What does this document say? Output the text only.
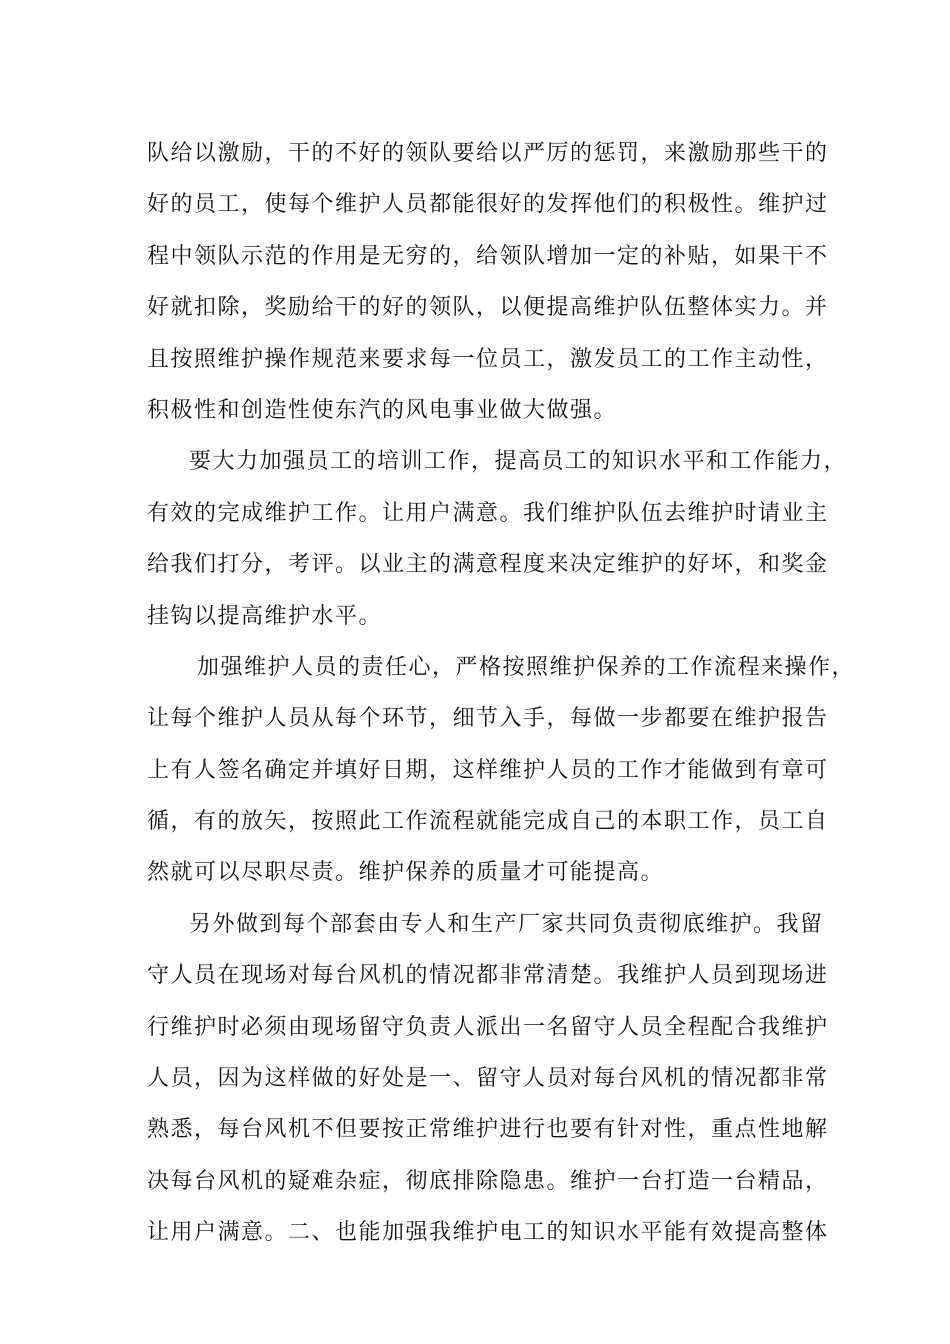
队给以激励，干的不好的领队要给以严厉的惩罚，来激励那些干的
好的员工，使每个维护人员都能很好的发挥他们的积极性。维护过
程中领队示范的作用是无穷的，给领队增加一定的补贴，如果干不
好就扣除，奖励给干的好的领队，以便提高维护队伍整体实力。并
且按照维护操作规范来要求每一位员工，激发员工的工作主动性，
积极性和创造性使东汽的风电事业做大做强。
要大力加强员工的培训工作，提高员工的知识水平和工作能力，
有效的完成维护工作。让用户满意。我们维护队伍去维护时请业主
给我们打分，考评。以业主的满意程度来决定维护的好坏，和奖金
挂钩以提高维护水平。
加强维护人员的责任心，严格按照维护保养的工作流程来操作，
让每个维护人员从每个环节，细节入手，每做一步都要在维护报告
上有人签名确定并填好日期，这样维护人员的工作才能做到有章可
循，有的放矢，按照此工作流程就能完成自己的本职工作，员工自
然就可以尽职尽责。维护保养的质量才可能提高。
另外做到每个部套由专人和生产厂家共同负责彻底维护。我留
守人员在现场对每台风机的情况都非常清楚。我维护人员到现场进
行维护时必须由现场留守负责人派出一名留守人员全程配合我维护
人员，因为这样做的好处是一、留守人员对每台风机的情况都非常
熟悉，每台风机不但要按正常维护进行也要有针对性，重点性地解
决每台风机的疑难杂症，彻底排除隐患。维护一台打造一台精品，
让用户满意。二、也能加强我维护电工的知识水平能有效提高整体
